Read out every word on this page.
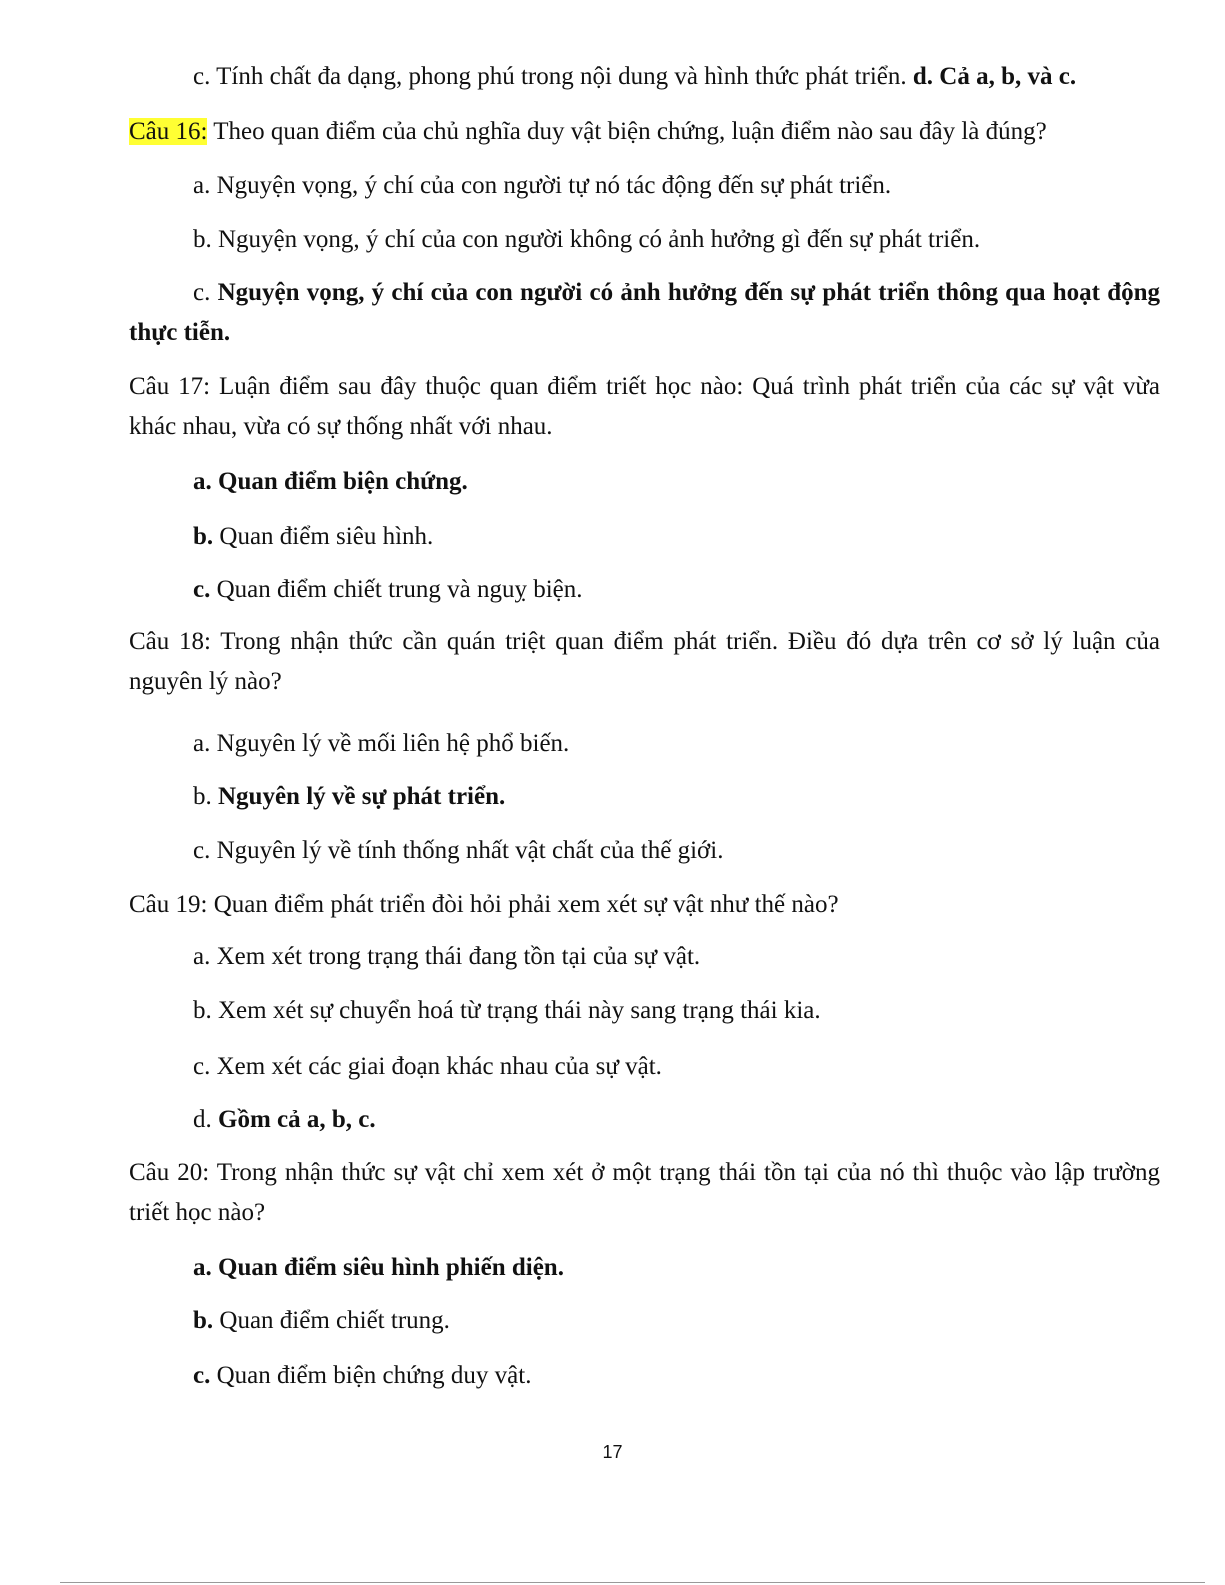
c. Tính chất đa dạng, phong phú trong nội dung và hình thức phát triển. d. Cả a, b, và c.
Câu 16: Theo quan điểm của chủ nghĩa duy vật biện chứng, luận điểm nào sau đây là đúng?
a. Nguyện vọng, ý chí của con người tự nó tác động đến sự phát triển.
b. Nguyện vọng, ý chí của con người không có ảnh hưởng gì đến sự phát triển.
c. Nguyện vọng, ý chí của con người có ảnh hưởng đến sự phát triển thông qua hoạt động thực tiễn.
Câu 17: Luận điểm sau đây thuộc quan điểm triết học nào: Quá trình phát triển của các sự vật vừa khác nhau, vừa có sự thống nhất với nhau.
a. Quan điểm biện chứng.
b. Quan điểm siêu hình.
c. Quan điểm chiết trung và nguỵ biện.
Câu 18: Trong nhận thức cần quán triệt quan điểm phát triển. Điều đó dựa trên cơ sở lý luận của nguyên lý nào?
a. Nguyên lý về mối liên hệ phổ biến.
b. Nguyên lý về sự phát triển.
c. Nguyên lý về tính thống nhất vật chất của thế giới.
Câu 19: Quan điểm phát triển đòi hỏi phải xem xét sự vật như thế nào?
a. Xem xét trong trạng thái đang tồn tại của sự vật.
b. Xem xét sự chuyển hoá từ trạng thái này sang trạng thái kia.
c. Xem xét các giai đoạn khác nhau của sự vật.
d. Gồm cả a, b, c.
Câu 20: Trong nhận thức sự vật chỉ xem xét ở một trạng thái tồn tại của nó thì thuộc vào lập trường triết học nào?
a. Quan điểm siêu hình phiến diện.
b. Quan điểm chiết trung.
c. Quan điểm biện chứng duy vật.
17
